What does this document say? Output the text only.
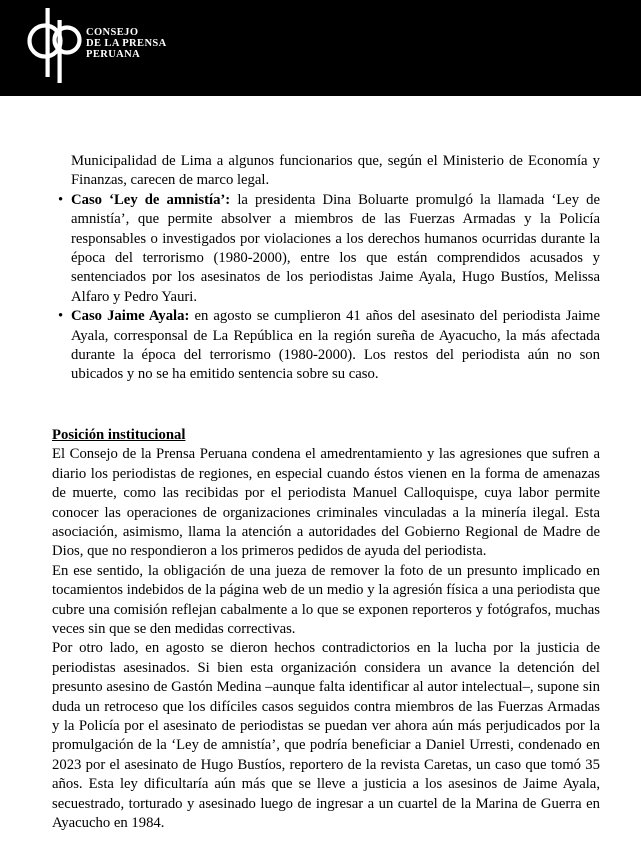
CONSEJO
DE LA PRENSA
PERUANA

Municipalidad de Lima a algunos funcionarios que, según el Ministerio de Economía y Finanzas, carecen de marco legal.

• Caso ‘Ley de amnistía’: la presidenta Dina Boluarte promulgó la llamada ‘Ley de amnistía’, que permite absolver a miembros de las Fuerzas Armadas y la Policía responsables o investigados por violaciones a los derechos humanos ocurridas durante la época del terrorismo (1980-2000), entre los que están comprendidos acusados y sentenciados por los asesinatos de los periodistas Jaime Ayala, Hugo Bustíos, Melissa Alfaro y Pedro Yauri.
• Caso Jaime Ayala: en agosto se cumplieron 41 años del asesinato del periodista Jaime Ayala, corresponsal de La República en la región sureña de Ayacucho, la más afectada durante la época del terrorismo (1980-2000). Los restos del periodista aún no son ubicados y no se ha emitido sentencia sobre su caso.

Posición institucional

El Consejo de la Prensa Peruana condena el amedrentamiento y las agresiones que sufren a diario los periodistas de regiones, en especial cuando éstos vienen en la forma de amenazas de muerte, como las recibidas por el periodista Manuel Calloquispe, cuya labor permite conocer las operaciones de organizaciones criminales vinculadas a la minería ilegal. Esta asociación, asimismo, llama la atención a autoridades del Gobierno Regional de Madre de Dios, que no respondieron a los primeros pedidos de ayuda del periodista.

En ese sentido, la obligación de una jueza de remover la foto de un presunto implicado en tocamientos indebidos de la página web de un medio y la agresión física a una periodista que cubre una comisión reflejan cabalmente a lo que se exponen reporteros y fotógrafos, muchas veces sin que se den medidas correctivas.

Por otro lado, en agosto se dieron hechos contradictorios en la lucha por la justicia de periodistas asesinados. Si bien esta organización considera un avance la detención del presunto asesino de Gastón Medina –aunque falta identificar al autor intelectual–, supone sin duda un retroceso que los difíciles casos seguidos contra miembros de las Fuerzas Armadas y la Policía por el asesinato de periodistas se puedan ver ahora aún más perjudicados por la promulgación de la ‘Ley de amnistía’, que podría beneficiar a Daniel Urresti, condenado en 2023 por el asesinato de Hugo Bustíos, reportero de la revista Caretas, un caso que tomó 35 años. Esta ley dificultaría aún más que se lleve a justicia a los asesinos de Jaime Ayala, secuestrado, torturado y asesinado luego de ingresar a un cuartel de la Marina de Guerra en Ayacucho en 1984.
